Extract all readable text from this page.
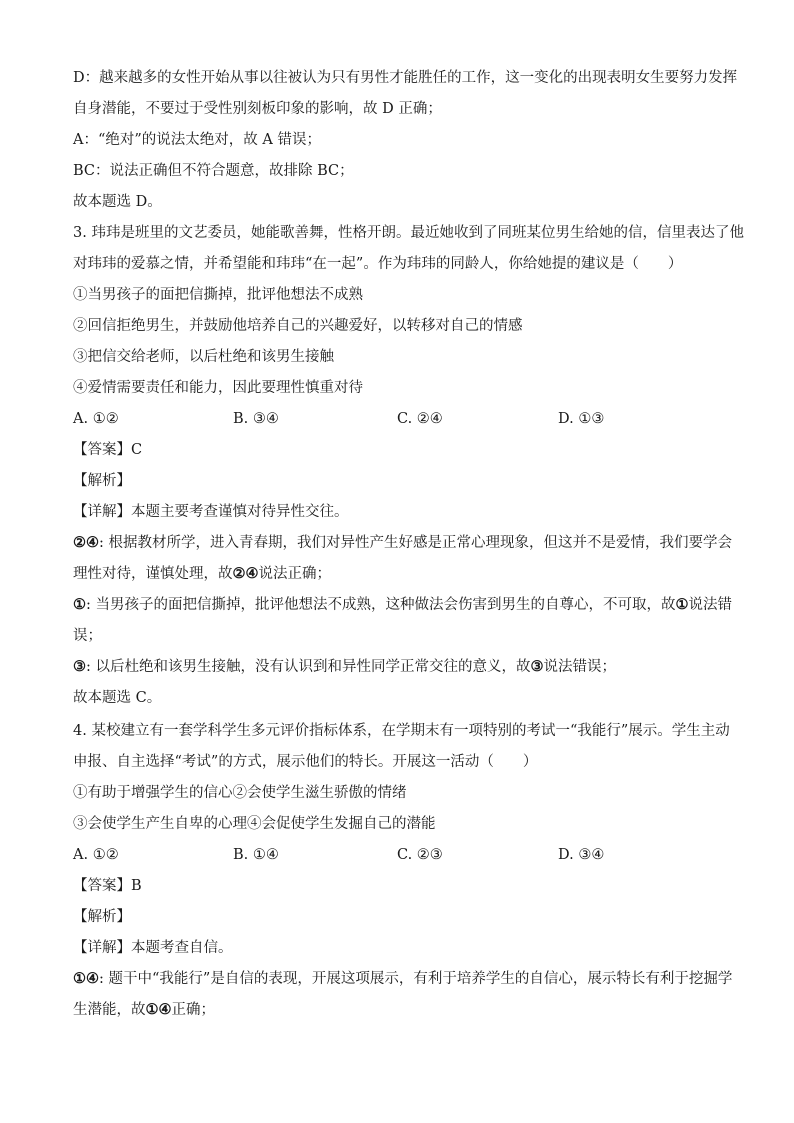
D：越来越多的女性开始从事以往被认为只有男性才能胜任的工作，这一变化的出现表明女生要努力发挥
自身潜能，不要过于受性别刻板印象的影响，故 D 正确；
A：“绝对”的说法太绝对，故 A 错误；
BC：说法正确但不符合题意，故排除 BC；
故本题选 D。
3. 玮玮是班里的文艺委员，她能歌善舞，性格开朗。最近她收到了同班某位男生给她的信，信里表达了他
对玮玮的爱慕之情，并希望能和玮玮“在一起”。作为玮玮的同龄人，你给她提的建议是（　　）
①当男孩子的面把信撕掉，批评他想法不成熟
②回信拒绝男生，并鼓励他培养自己的兴趣爱好，以转移对自己的情感
③把信交给老师，以后杜绝和该男生接触
④爱情需要责任和能力，因此要理性慎重对待
A. ①②	B. ③④	C. ②④	D. ①③
【答案】C
【解析】
【详解】本题主要考查谨慎对待异性交往。
②④: 根据教材所学，进入青春期，我们对异性产生好感是正常心理现象，但这并不是爱情，我们要学会
理性对待，谨慎处理，故②④说法正确；
①: 当男孩子的面把信撕掉，批评他想法不成熟，这种做法会伤害到男生的自尊心，不可取，故①说法错
误；
③: 以后杜绝和该男生接触，没有认识到和异性同学正常交往的意义，故③说法错误；
故本题选 C。
4. 某校建立有一套学科学生多元评价指标体系，在学期末有一项特别的考试一“我能行”展示。学生主动
申报、自主选择“考试”的方式，展示他们的特长。开展这一活动（　　）
①有助于增强学生的信心②会使学生滋生骄傲的情绪
③会使学生产生自卑的心理④会促使学生发掘自己的潜能
A. ①②	B. ①④	C. ②③	D. ③④
【答案】B
【解析】
【详解】本题考查自信。
①④: 题干中“我能行”是自信的表现，开展这项展示，有利于培养学生的自信心，展示特长有利于挖掘学
生潜能，故①④正确；
